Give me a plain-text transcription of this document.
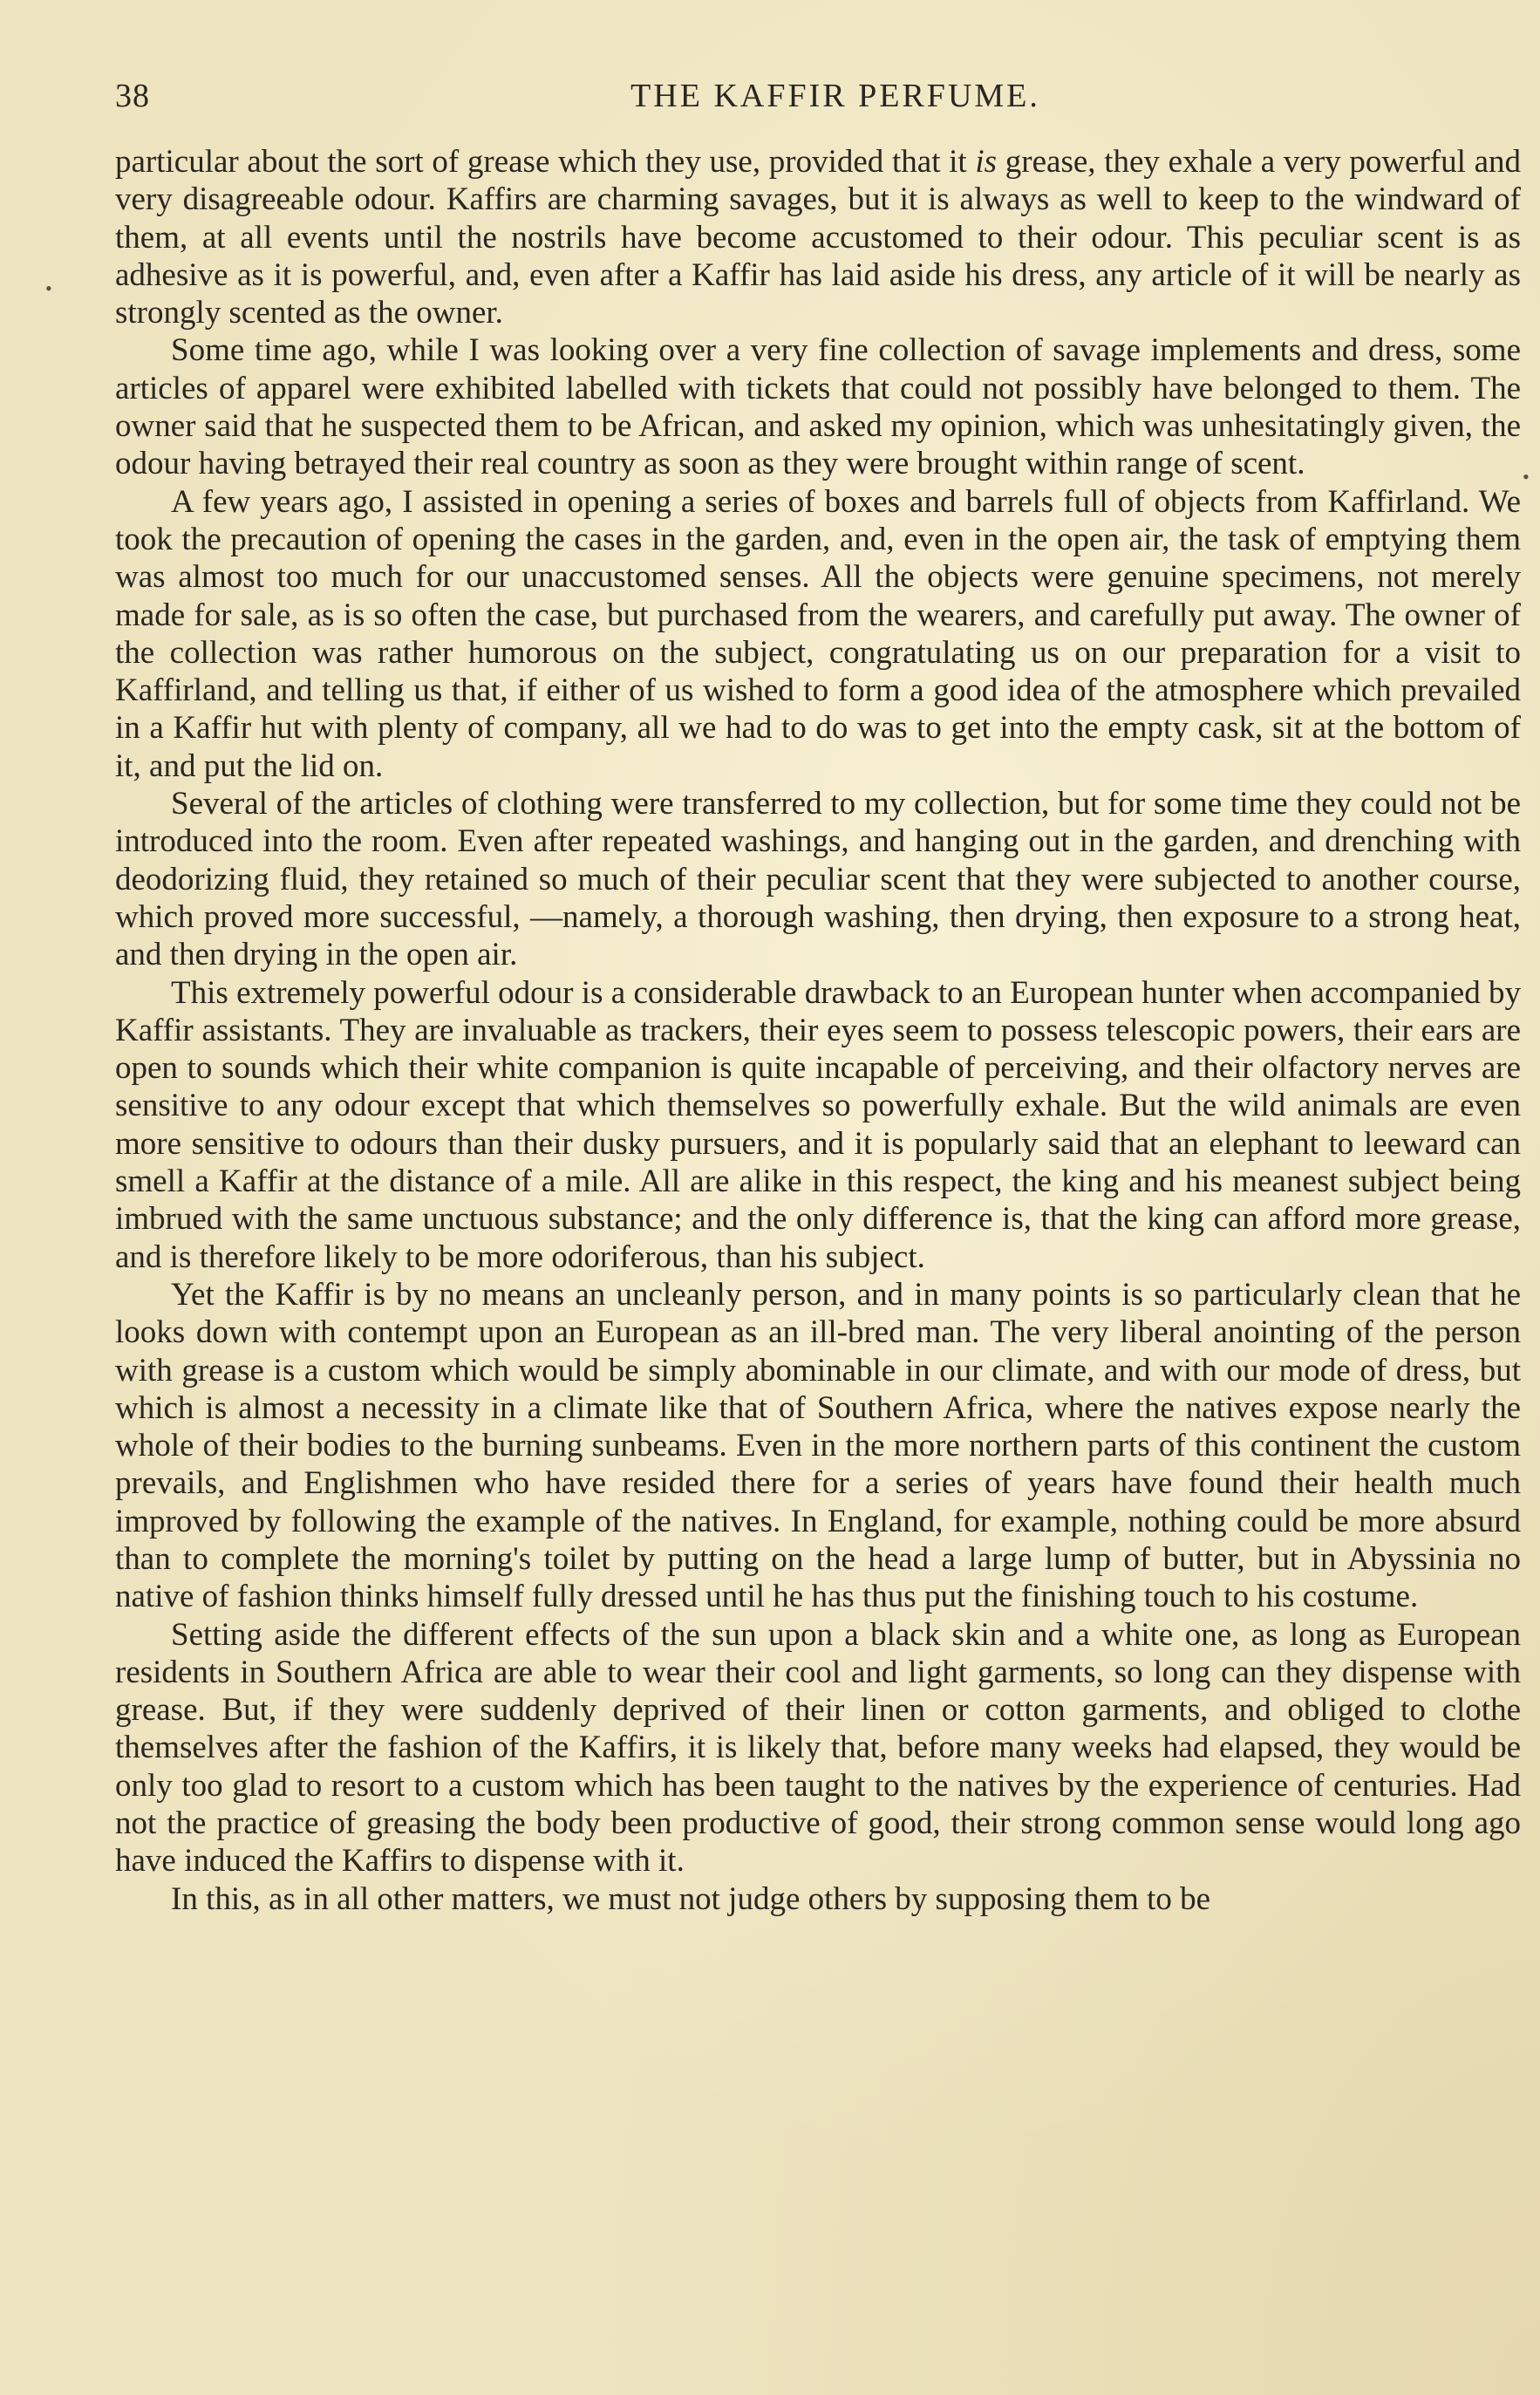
38	THE KAFFIR PERFUME.

particular about the sort of grease which they use, provided that it is grease, they exhale a very powerful and very disagreeable odour. Kaffirs are charming savages, but it is always as well to keep to the windward of them, at all events until the nostrils have become accustomed to their odour. This peculiar scent is as adhesive as it is powerful, and, even after a Kaffir has laid aside his dress, any article of it will be nearly as strongly scented as the owner.

Some time ago, while I was looking over a very fine collection of savage implements and dress, some articles of apparel were exhibited labelled with tickets that could not possibly have belonged to them. The owner said that he suspected them to be African, and asked my opinion, which was unhesitatingly given, the odour having betrayed their real country as soon as they were brought within range of scent.

A few years ago, I assisted in opening a series of boxes and barrels full of objects from Kaffirland. We took the precaution of opening the cases in the garden, and, even in the open air, the task of emptying them was almost too much for our unaccustomed senses. All the objects were genuine specimens, not merely made for sale, as is so often the case, but purchased from the wearers, and carefully put away. The owner of the collection was rather humorous on the subject, congratulating us on our preparation for a visit to Kaffirland, and telling us that, if either of us wished to form a good idea of the atmosphere which prevailed in a Kaffir hut with plenty of company, all we had to do was to get into the empty cask, sit at the bottom of it, and put the lid on.

Several of the articles of clothing were transferred to my collection, but for some time they could not be introduced into the room. Even after repeated washings, and hanging out in the garden, and drenching with deodorizing fluid, they retained so much of their peculiar scent that they were subjected to another course, which proved more successful, —namely, a thorough washing, then drying, then exposure to a strong heat, and then drying in the open air.

This extremely powerful odour is a considerable drawback to an European hunter when accompanied by Kaffir assistants. They are invaluable as trackers, their eyes seem to possess telescopic powers, their ears are open to sounds which their white companion is quite incapable of perceiving, and their olfactory nerves are sensitive to any odour except that which themselves so powerfully exhale. But the wild animals are even more sensitive to odours than their dusky pursuers, and it is popularly said that an elephant to leeward can smell a Kaffir at the distance of a mile. All are alike in this respect, the king and his meanest subject being imbrued with the same unctuous substance; and the only difference is, that the king can afford more grease, and is therefore likely to be more odoriferous, than his subject.

Yet the Kaffir is by no means an uncleanly person, and in many points is so particularly clean that he looks down with contempt upon an European as an ill-bred man. The very liberal anointing of the person with grease is a custom which would be simply abominable in our climate, and with our mode of dress, but which is almost a necessity in a climate like that of Southern Africa, where the natives expose nearly the whole of their bodies to the burning sunbeams. Even in the more northern parts of this continent the custom prevails, and Englishmen who have resided there for a series of years have found their health much improved by following the example of the natives. In England, for example, nothing could be more absurd than to complete the morning's toilet by putting on the head a large lump of butter, but in Abyssinia no native of fashion thinks himself fully dressed until he has thus put the finishing touch to his costume.

Setting aside the different effects of the sun upon a black skin and a white one, as long as European residents in Southern Africa are able to wear their cool and light garments, so long can they dispense with grease. But, if they were suddenly deprived of their linen or cotton garments, and obliged to clothe themselves after the fashion of the Kaffirs, it is likely that, before many weeks had elapsed, they would be only too glad to resort to a custom which has been taught to the natives by the experience of centuries. Had not the practice of greasing the body been productive of good, their strong common sense would long ago have induced the Kaffirs to dispense with it.

In this, as in all other matters, we must not judge others by supposing them to be

•
•
